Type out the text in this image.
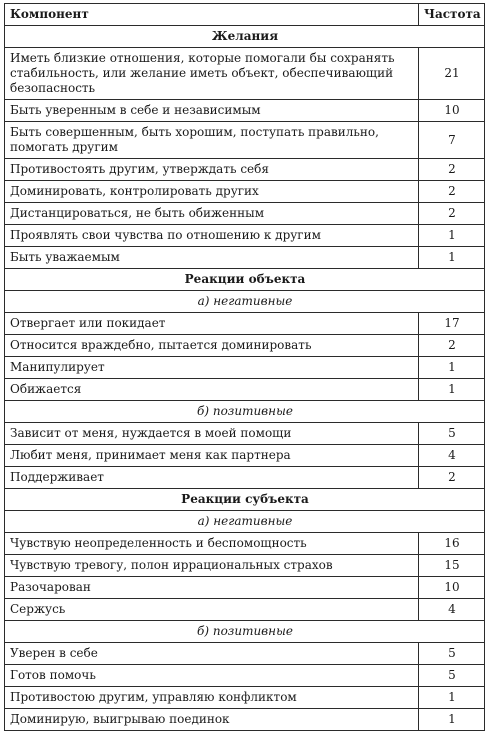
Компонент	Частота
Желания	
Иметь близкие отношения, которые помогали бы сохранять стабильность, или желание иметь объект, обеспечивающий безопасность	21
Быть уверенным в себе и независимым	10
Быть совершенным, быть хорошим, поступать правильно, помогать другим	7
Противостоять другим, утверждать себя	2
Доминировать, контролировать других	2
Дистанцироваться, не быть обиженным	2
Проявлять свои чувства по отношению к другим	1
Быть уважаемым	1
Реакции объекта	
а) негативные	
Отвергает или покидает	17
Относится враждебно, пытается доминировать	2
Манипулирует	1
Обижается	1
б) позитивные	
Зависит от меня, нуждается в моей помощи	5
Любит меня, принимает меня как партнера	4
Поддерживает	2
Реакции субъекта	
а) негативные	
Чувствую неопределенность и беспомощность	16
Чувствую тревогу, полон иррациональных страхов	15
Разочарован	10
Сержусь	4
б) позитивные	
Уверен в себе	5
Готов помочь	5
Противостою другим, управляю конфликтом	1
Доминирую, выигрываю поединок	1
